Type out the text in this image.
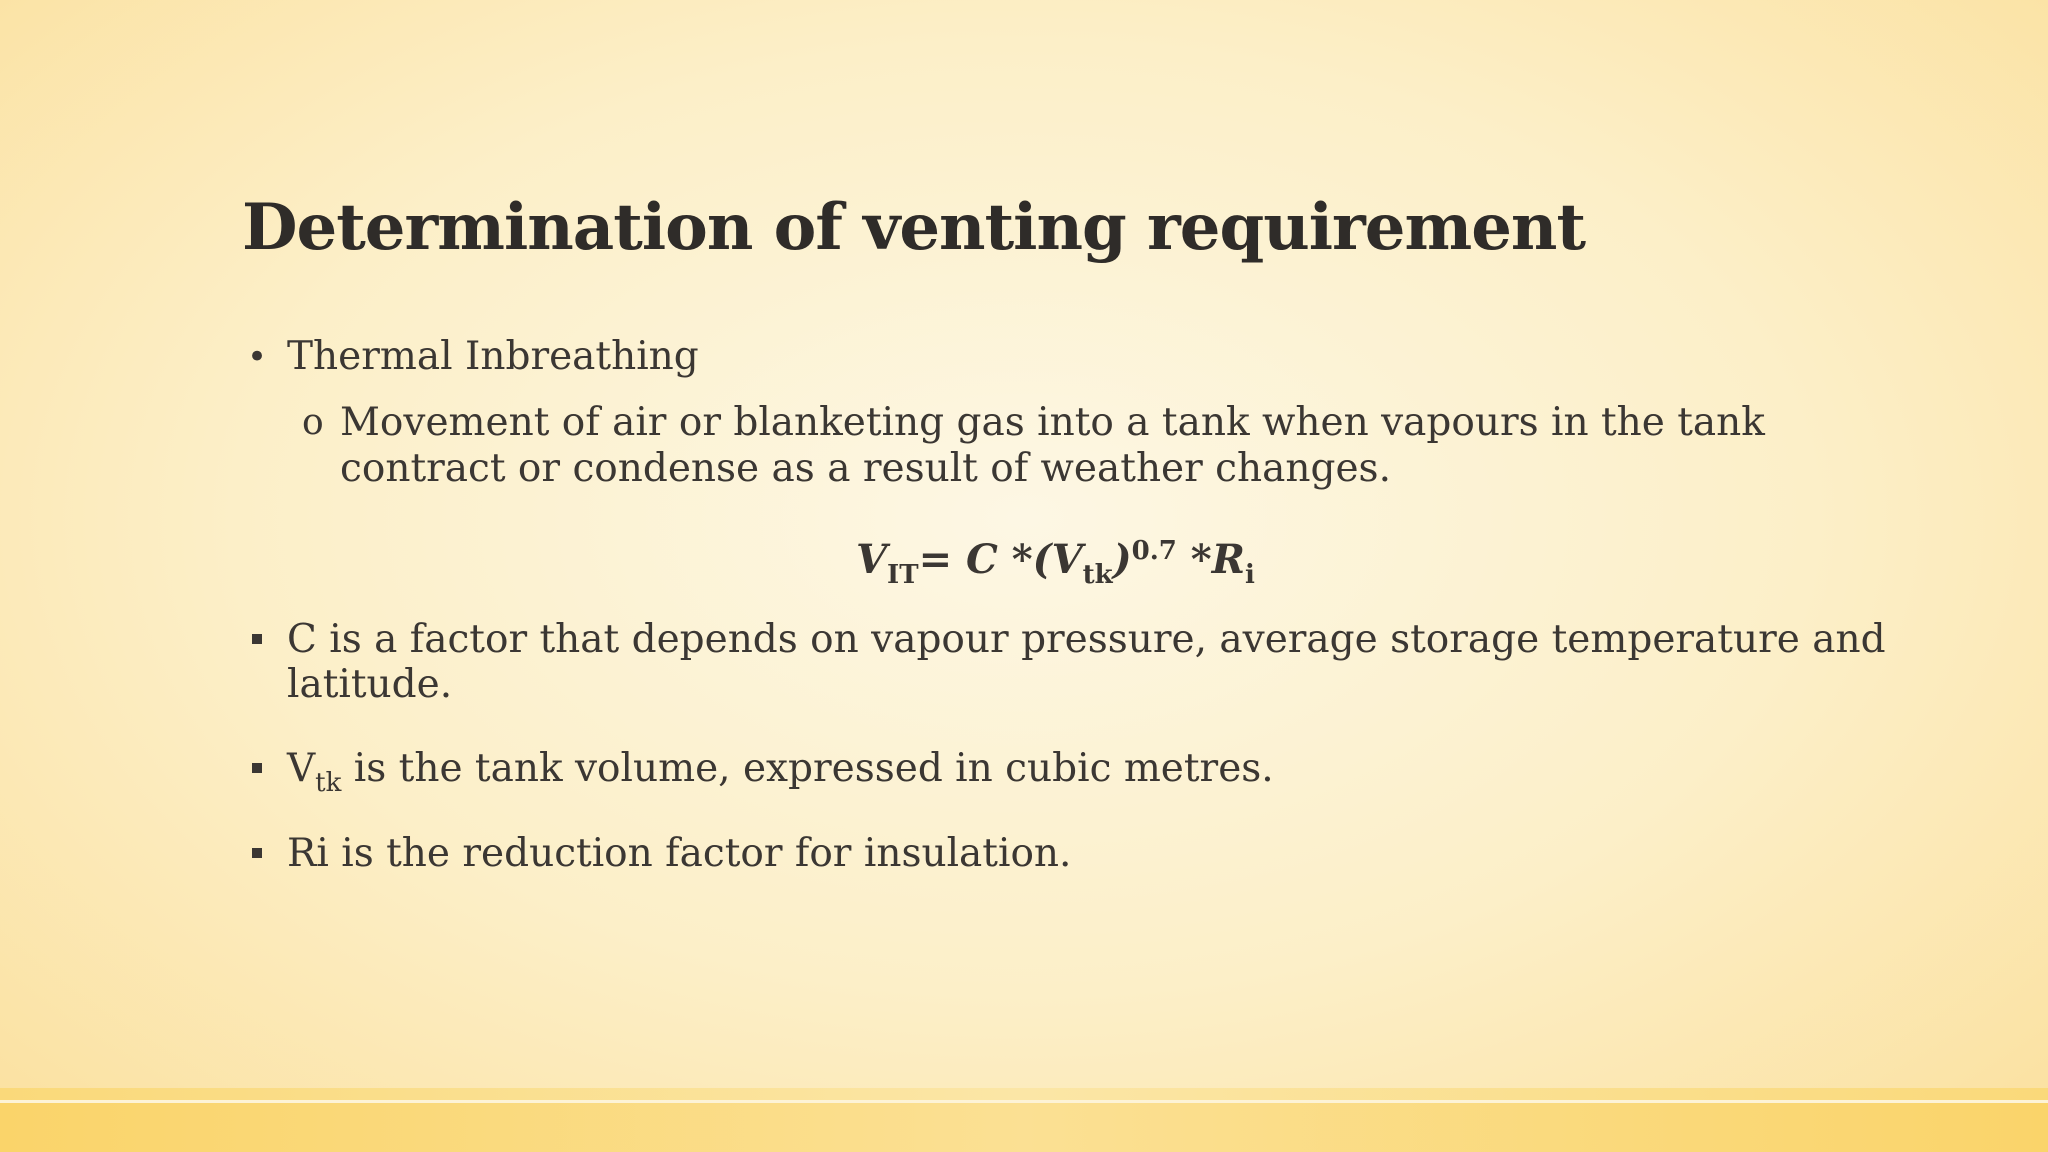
Determination of venting requirement
• Thermal Inbreathing
o Movement of air or blanketing gas into a tank when vapours in the tank
contract or condense as a result of weather changes.
$V_{IT}= C$ $*(V_{tk})^{0.7}$ $*R_i$
C is a factor that depends on vapour pressure, average storage temperature and
latitude.
$V_{tk}$ is the tank volume, expressed in cubic metres.
Ri is the reduction factor for insulation.
